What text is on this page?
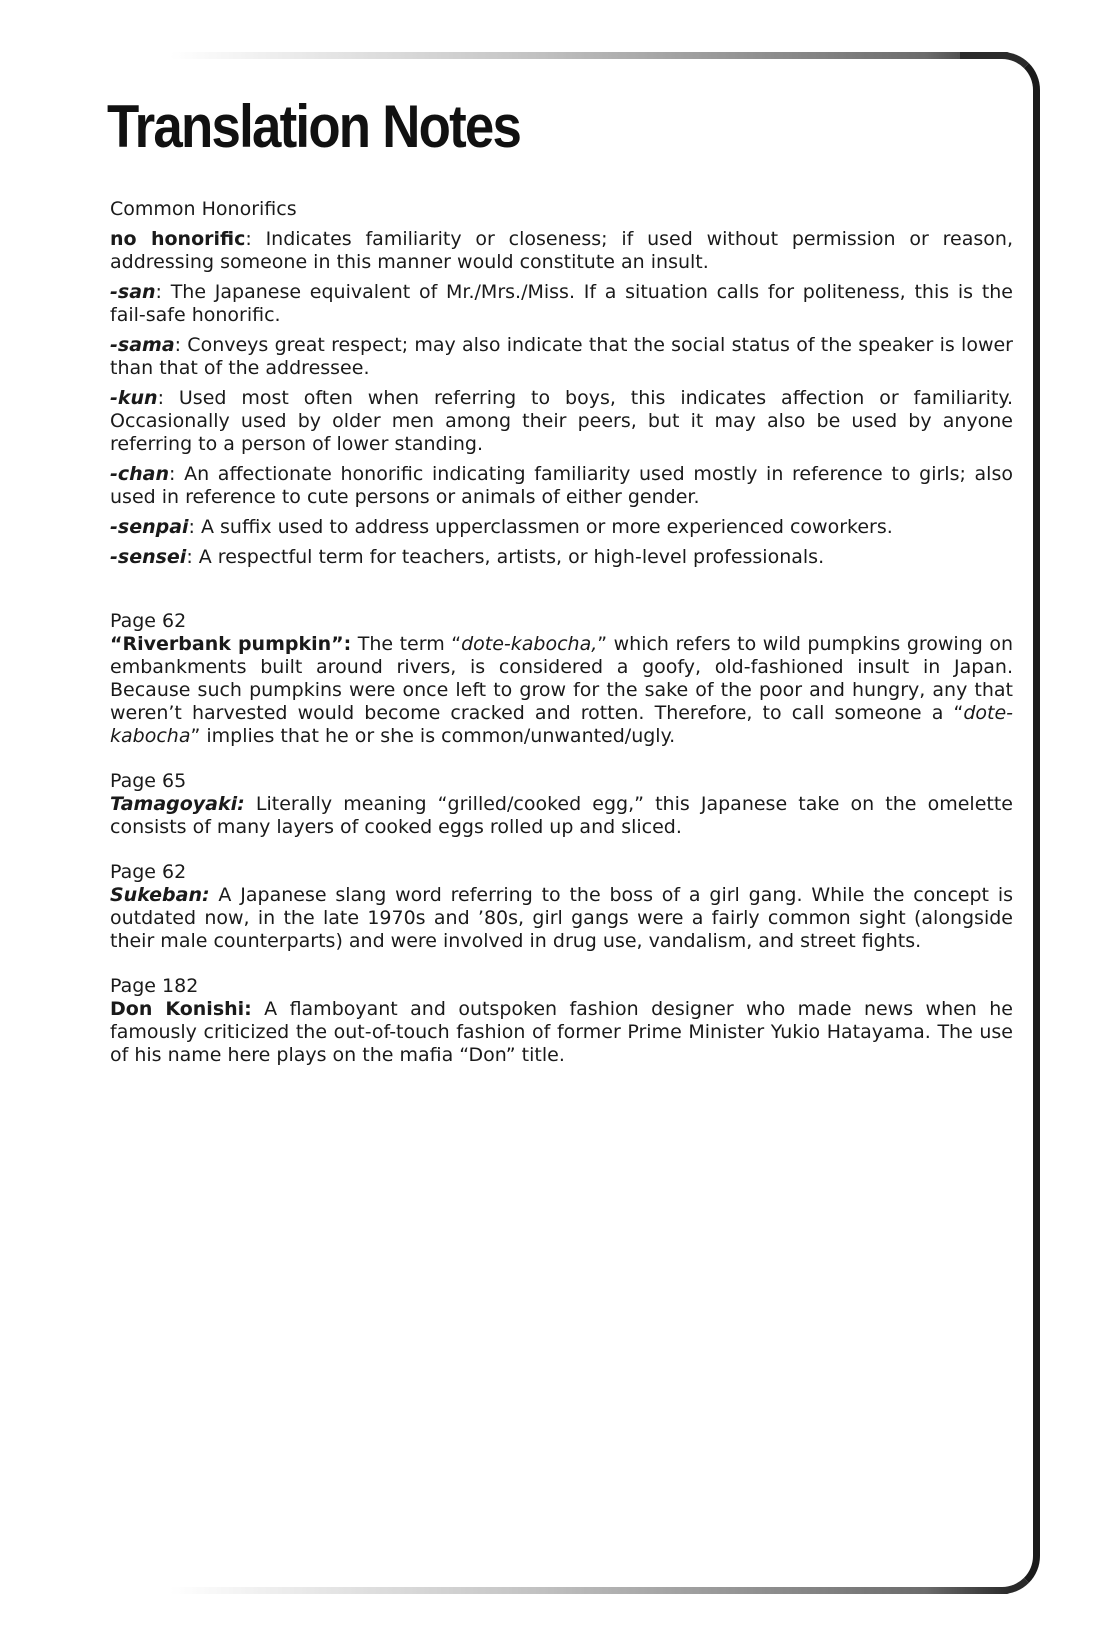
Translation Notes

Common Honorifics

no honorific: Indicates familiarity or closeness; if used without permission or reason, addressing someone in this manner would constitute an insult.

-san: The Japanese equivalent of Mr./Mrs./Miss. If a situation calls for politeness, this is the fail-safe honorific.

-sama: Conveys great respect; may also indicate that the social status of the speaker is lower than that of the addressee.

-kun: Used most often when referring to boys, this indicates affection or familiarity. Occasionally used by older men among their peers, but it may also be used by anyone referring to a person of lower standing.

-chan: An affectionate honorific indicating familiarity used mostly in reference to girls; also used in reference to cute persons or animals of either gender.

-senpai: A suffix used to address upperclassmen or more experienced coworkers.

-sensei: A respectful term for teachers, artists, or high-level professionals.

Page 62

“Riverbank pumpkin”: The term “dote-kabocha,” which refers to wild pumpkins growing on embankments built around rivers, is considered a goofy, old-fashioned insult in Japan. Because such pumpkins were once left to grow for the sake of the poor and hungry, any that weren’t harvested would become cracked and rotten. Therefore, to call someone a “dote-kabocha” implies that he or she is common/unwanted/ugly.

Page 65

Tamagoyaki: Literally meaning “grilled/cooked egg,” this Japanese take on the omelette consists of many layers of cooked eggs rolled up and sliced.

Page 62

Sukeban: A Japanese slang word referring to the boss of a girl gang. While the concept is outdated now, in the late 1970s and ’80s, girl gangs were a fairly common sight (alongside their male counterparts) and were involved in drug use, vandalism, and street fights.

Page 182

Don Konishi: A flamboyant and outspoken fashion designer who made news when he famously criticized the out-of-touch fashion of former Prime Minister Yukio Hatayama. The use of his name here plays on the mafia “Don” title.
